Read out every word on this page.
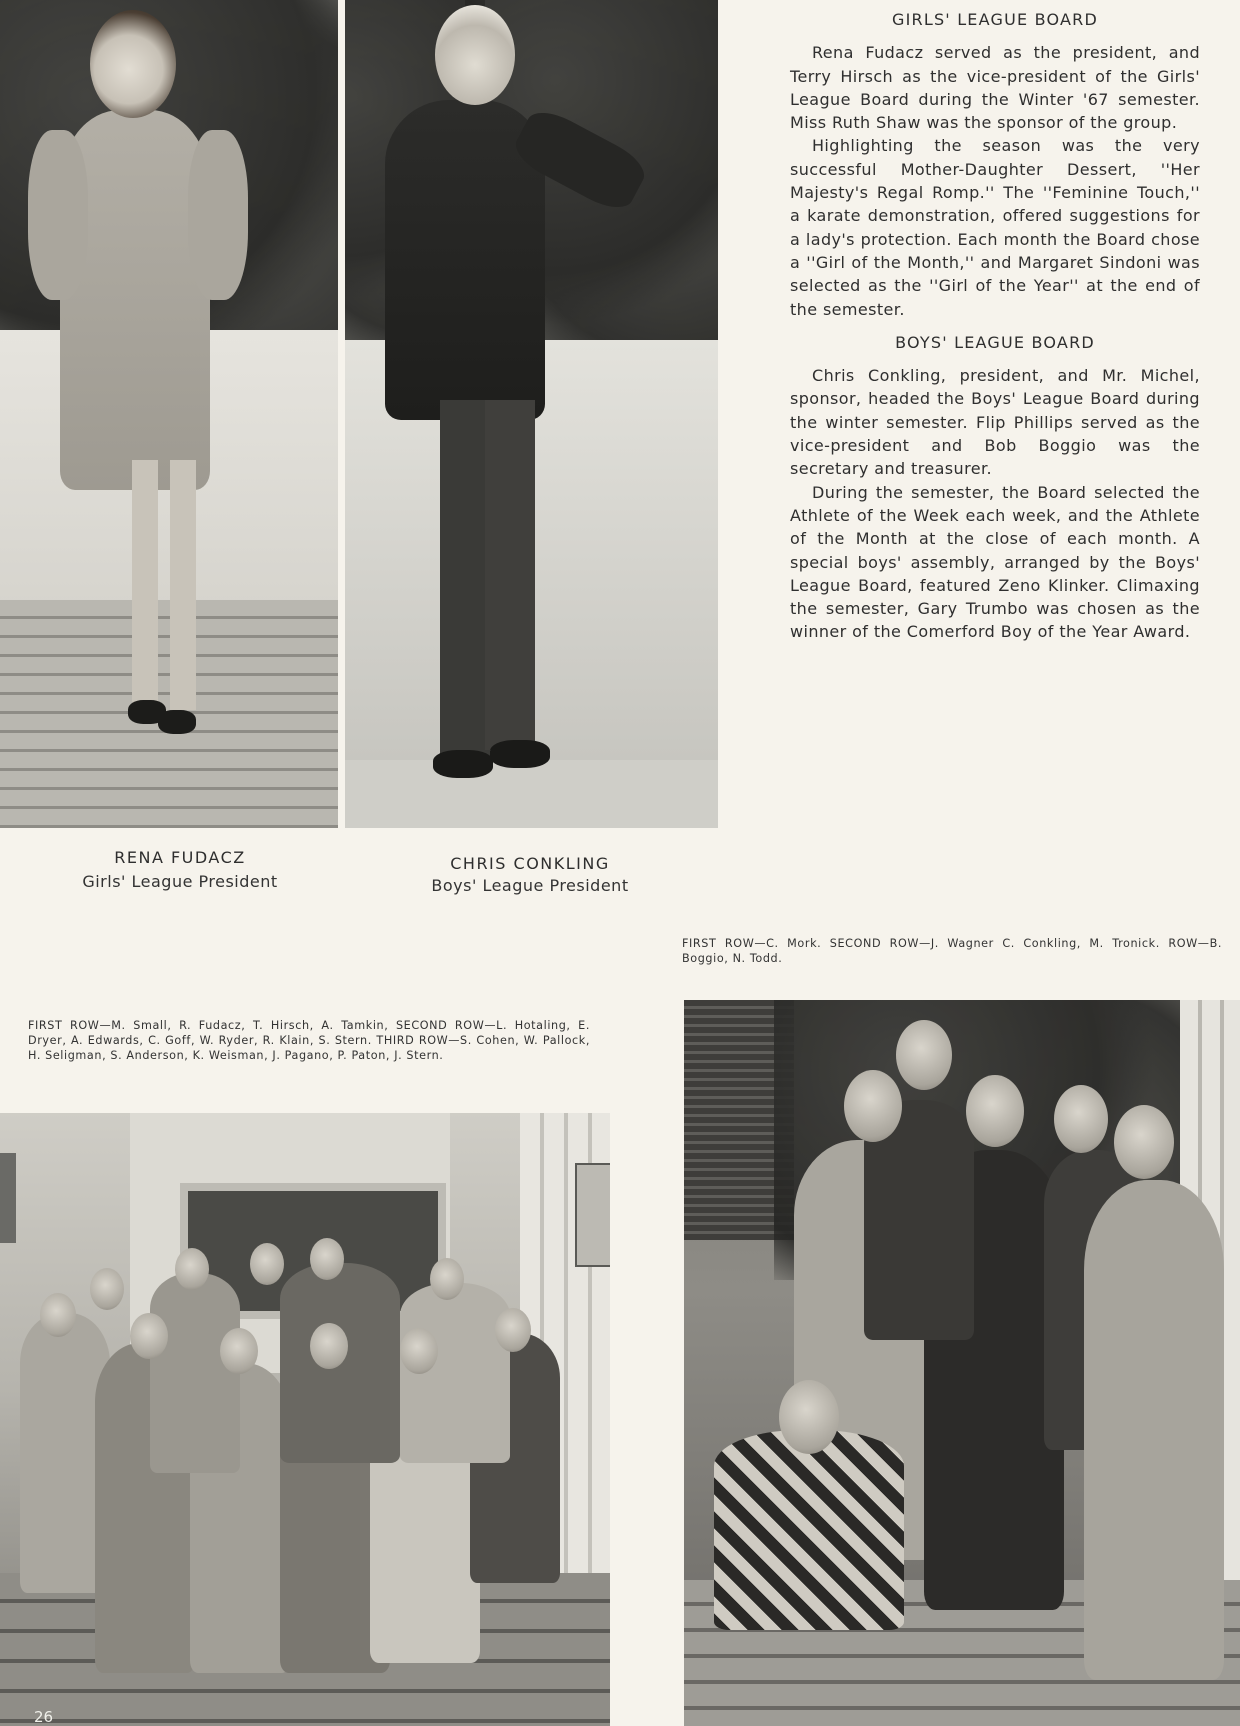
RENA FUDACZ
Girls' League President
CHRIS CONKLING
Boys' League President
GIRLS' LEAGUE BOARD

Rena Fudacz served as the president, and Terry Hirsch as the vice-president of the Girls' League Board during the Winter '67 semester. Miss Ruth Shaw was the sponsor of the group.

Highlighting the season was the very successful Mother-Daughter Dessert, ''Her Majesty's Regal Romp.'' The ''Feminine Touch,'' a karate demonstration, offered suggestions for a lady's protection. Each month the Board chose a ''Girl of the Month,'' and Margaret Sindoni was selected as the ''Girl of the Year'' at the end of the semester.

BOYS' LEAGUE BOARD

Chris Conkling, president, and Mr. Michel, sponsor, headed the Boys' League Board during the winter semester. Flip Phillips served as the vice-president and Bob Boggio was the secretary and treasurer.

During the semester, the Board selected the Athlete of the Week each week, and the Athlete of the Month at the close of each month. A special boys' assembly, arranged by the Boys' League Board, featured Zeno Klinker. Climaxing the semester, Gary Trumbo was chosen as the winner of the Comerford Boy of the Year Award.

FIRST ROW—C. Mork. SECOND ROW—J. Wagner C. Conkling, M. Tronick. ROW—B. Boggio, N. Todd.
FIRST ROW—M. Small, R. Fudacz, T. Hirsch, A. Tamkin, SECOND ROW—L. Hotaling, E. Dryer, A. Edwards, C. Goff, W. Ryder, R. Klain, S. Stern. THIRD ROW—S. Cohen, W. Pallock, H. Seligman, S. Anderson, K. Weisman, J. Pagano, P. Paton, J. Stern.
26
